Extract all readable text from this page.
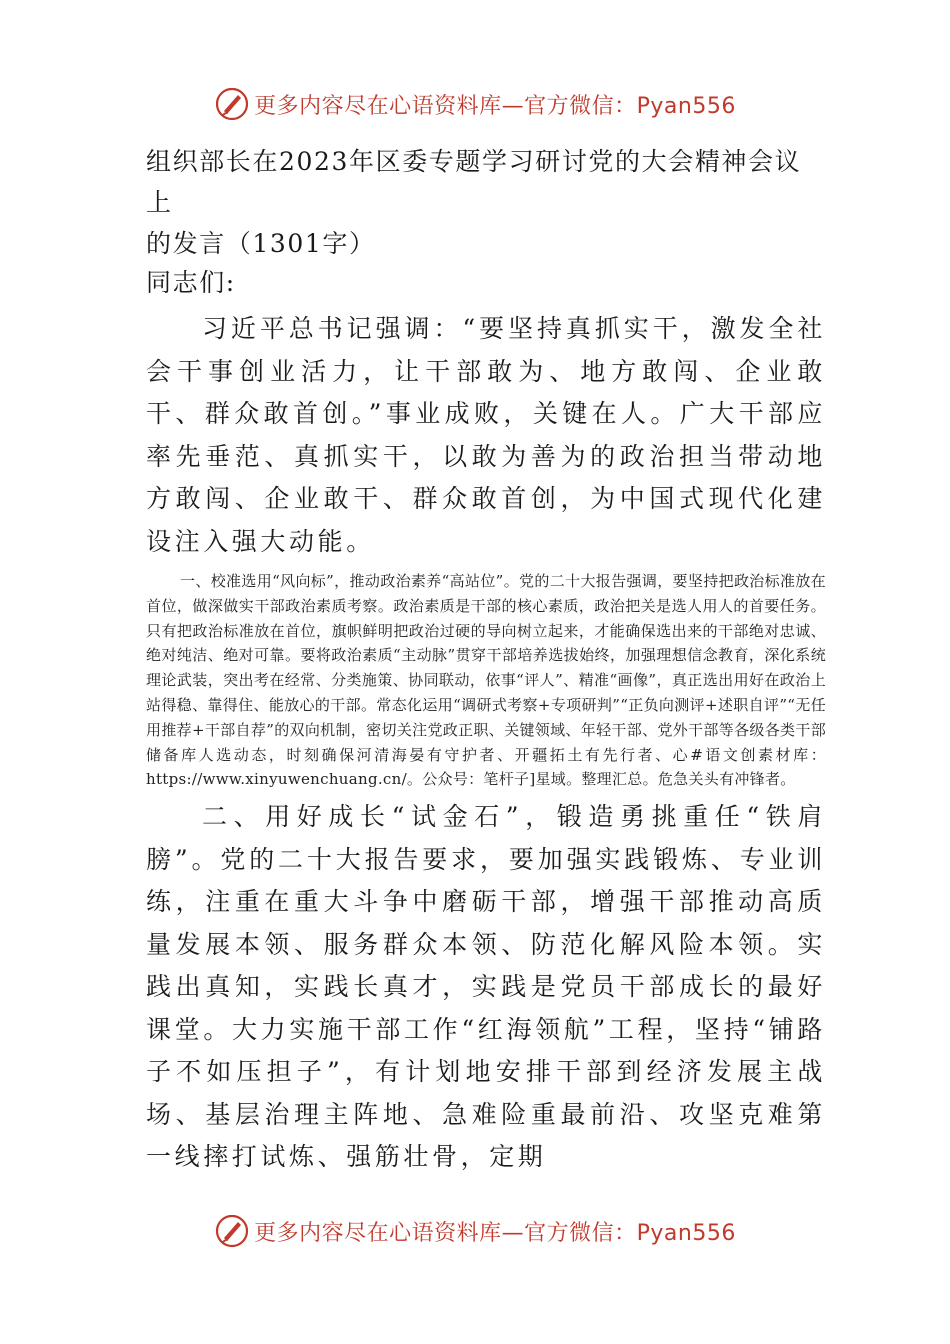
更多内容尽在心语资料库—官方微信：Pyan556

组织部长在2023年区委专题学习研讨党的大会精神会议上

的发言（1301字）

同志们:

习近平总书记强调：“要坚持真抓实干，激发全社会干事创业活力，让干部敢为、地方敢闯、企业敢干、群众敢首创。”事业成败，关键在人。广大干部应率先垂范、真抓实干，以敢为善为的政治担当带动地方敢闯、企业敢干、群众敢首创，为中国式现代化建设注入强大动能。

一、校准选用“风向标”，推动政治素养“高站位”。党的二十大报告强调，要坚持把政治标准放在首位，做深做实干部政治素质考察。政治素质是干部的核心素质，政治把关是选人用人的首要任务。只有把政治标准放在首位，旗帜鲜明把政治过硬的导向树立起来，才能确保选出来的干部绝对忠诚、绝对纯洁、绝对可靠。要将政治素质“主动脉”贯穿干部培养选拔始终，加强理想信念教育，深化系统理论武装，突出考在经常、分类施策、协同联动，依事“评人”、精准“画像”，真正选出用好在政治上站得稳、靠得住、能放心的干部。常态化运用“调研式考察+专项研判”“正负向测评+述职自评”“无任用推荐+干部自荐”的双向机制，密切关注党政正职、关键领域、年轻干部、党外干部等各级各类干部储备库人选动态，时刻确保河清海晏有守护者、开疆拓土有先行者、心#语文创素材库：https://www.xinyuwenchuang.cn/。公众号：笔杆子]星域。整理汇总。危急关头有冲锋者。

二、用好成长“试金石”，锻造勇挑重任“铁肩膀”。党的二十大报告要求，要加强实践锻炼、专业训练，注重在重大斗争中磨砺干部，增强干部推动高质量发展本领、服务群众本领、防范化解风险本领。实践出真知，实践长真才，实践是党员干部成长的最好课堂。大力实施干部工作“红海领航”工程，坚持“铺路子不如压担子”，有计划地安排干部到经济发展主战场、基层治理主阵地、急难险重最前沿、攻坚克难第一线摔打试炼、强筋壮骨，定期

更多内容尽在心语资料库—官方微信：Pyan556
